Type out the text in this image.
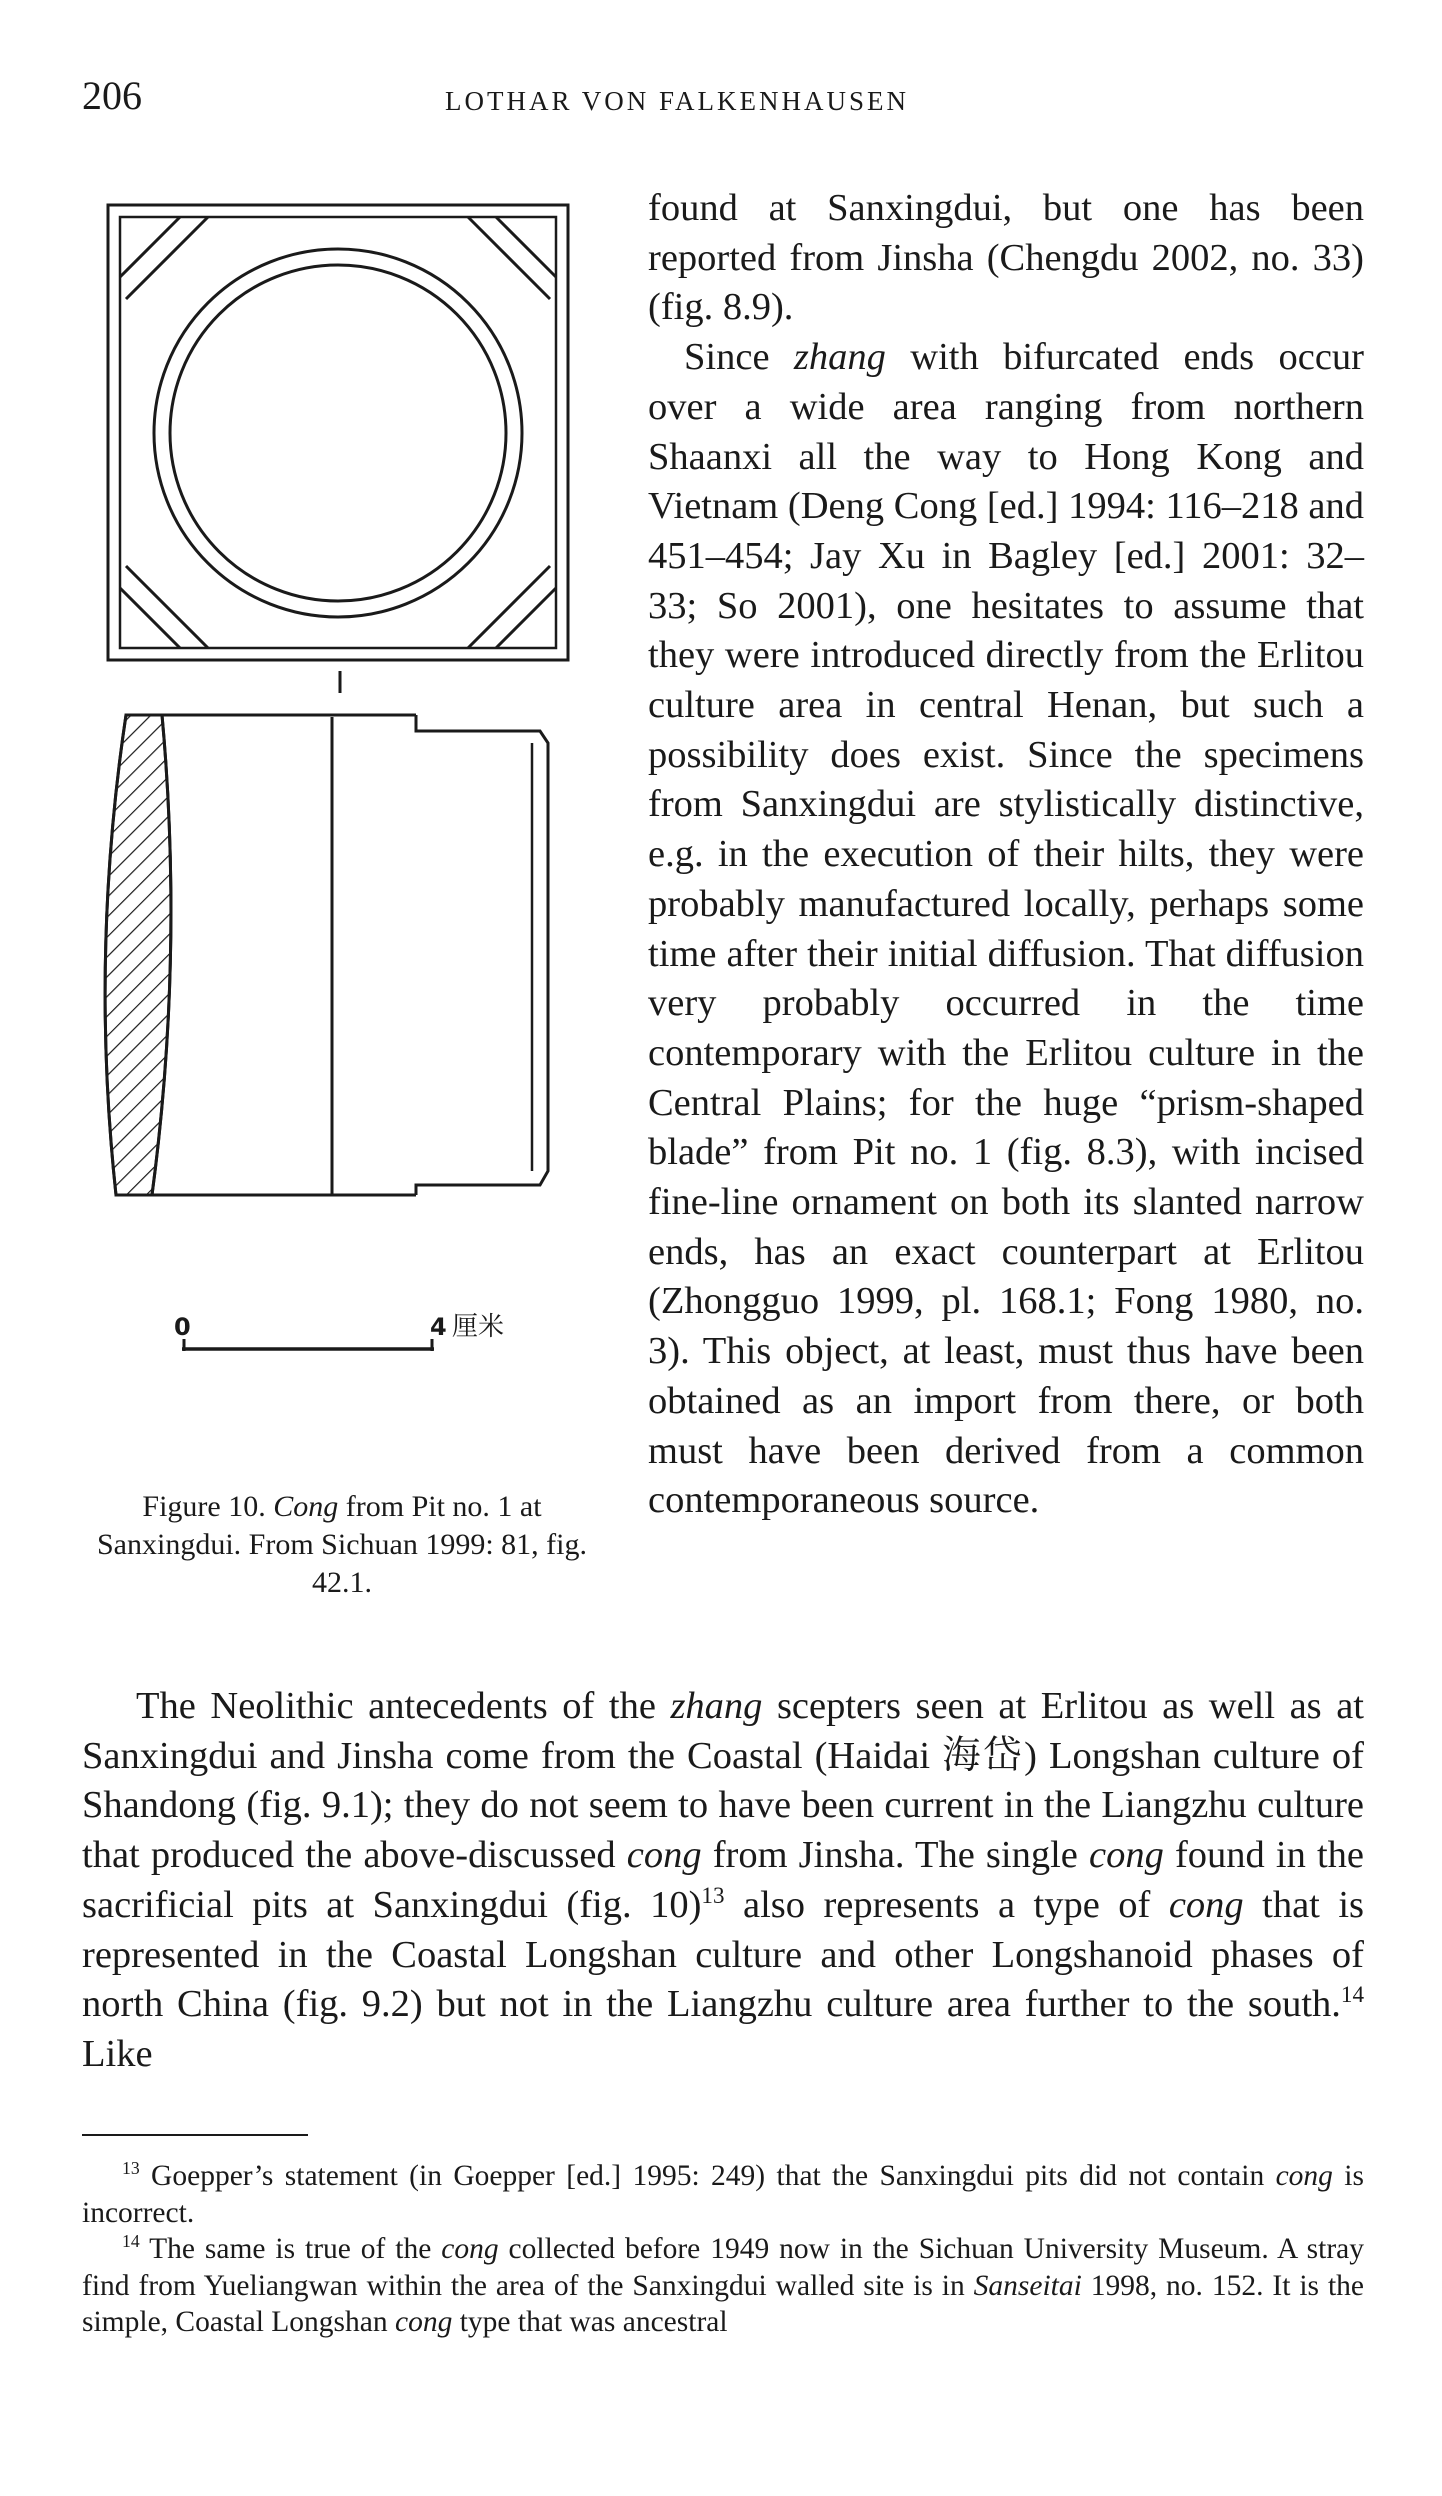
206	LOTHAR VON FALKENHAUSEN
0	4 厘米
Figure 10. Cong from Pit no. 1 at Sanxingdui. From Sichuan 1999: 81, fig. 42.1.

found at Sanxingdui, but one has been reported from Jinsha (Chengdu 2002, no. 33) (fig. 8.9).

Since zhang with bifurcated ends occur over a wide area ranging from northern Shaanxi all the way to Hong Kong and Vietnam (Deng Cong [ed.] 1994: 116–218 and 451–454; Jay Xu in Bagley [ed.] 2001: 32–33; So 2001), one hesitates to assume that they were introduced directly from the Erlitou culture area in central Henan, but such a possibility does exist. Since the specimens from Sanxingdui are stylistically distinctive, e.g. in the execution of their hilts, they were probably manufactured locally, perhaps some time after their initial diffusion. That diffusion very probably occurred in the time contemporary with the Erlitou culture in the Central Plains; for the huge “prism-shaped blade” from Pit no. 1 (fig. 8.3), with incised fine-line ornament on both its slanted narrow ends, has an exact counterpart at Erlitou (Zhongguo 1999, pl. 168.1; Fong 1980, no. 3). This object, at least, must thus have been obtained as an import from there, or both must have been derived from a common contemporaneous source.

The Neolithic antecedents of the zhang scepters seen at Erlitou as well as at Sanxingdui and Jinsha come from the Coastal (Haidai 海岱) Longshan culture of Shandong (fig. 9.1); they do not seem to have been current in the Liangzhu culture that produced the above-discussed cong from Jinsha. The single cong found in the sacrificial pits at Sanxingdui (fig. 10)$^{13}$ also represents a type of cong that is represented in the Coastal Longshan culture and other Longshanoid phases of north China (fig. 9.2) but not in the Liangzhu culture area further to the south.$^{14}$ Like

$^{13}$ Goepper’s statement (in Goepper [ed.] 1995: 249) that the Sanxingdui pits did not contain cong is incorrect.

$^{14}$ The same is true of the cong collected before 1949 now in the Sichuan University Museum. A stray find from Yueliangwan within the area of the Sanxingdui walled site is in Sanseitai 1998, no. 152. It is the simple, Coastal Longshan cong type that was ancestral
